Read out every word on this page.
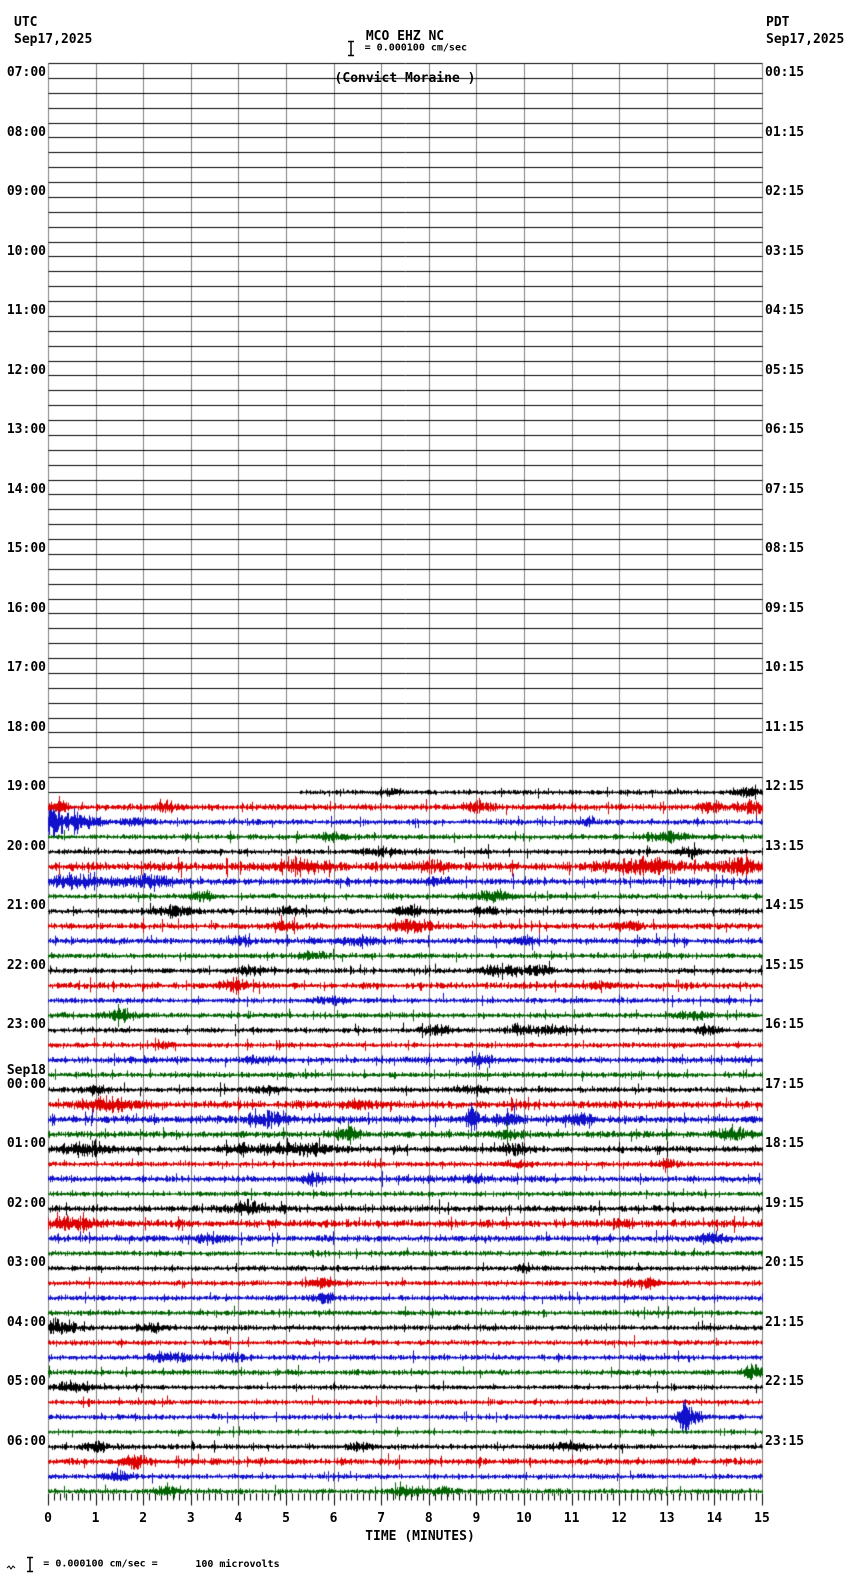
UTC
Sep17,2025

	MCO EHZ NC

(Convict Moraine )

= 0.000100 cm/sec
PDT
Sep17,2025
07:00
08:00
09:00
10:00
11:00
12:00
13:00
14:00
15:00
16:00
17:00
18:00
19:00
20:00
21:00
22:00
23:00
00:00
Sep18
01:00
02:00
03:00
04:00
05:00
06:00
00:15
01:15
02:15
03:15
04:15
05:15
06:15
07:15
08:15
09:15
10:15
11:15
12:15
13:15
14:15
15:15
16:15
17:15
18:15
19:15
20:15
21:15
22:15
23:15
0	1	2	3	4	5	6	7	8	9	10	11	12	13	14	15
TIME (MINUTES)
= 0.000100 cm/sec =	100 microvolts
